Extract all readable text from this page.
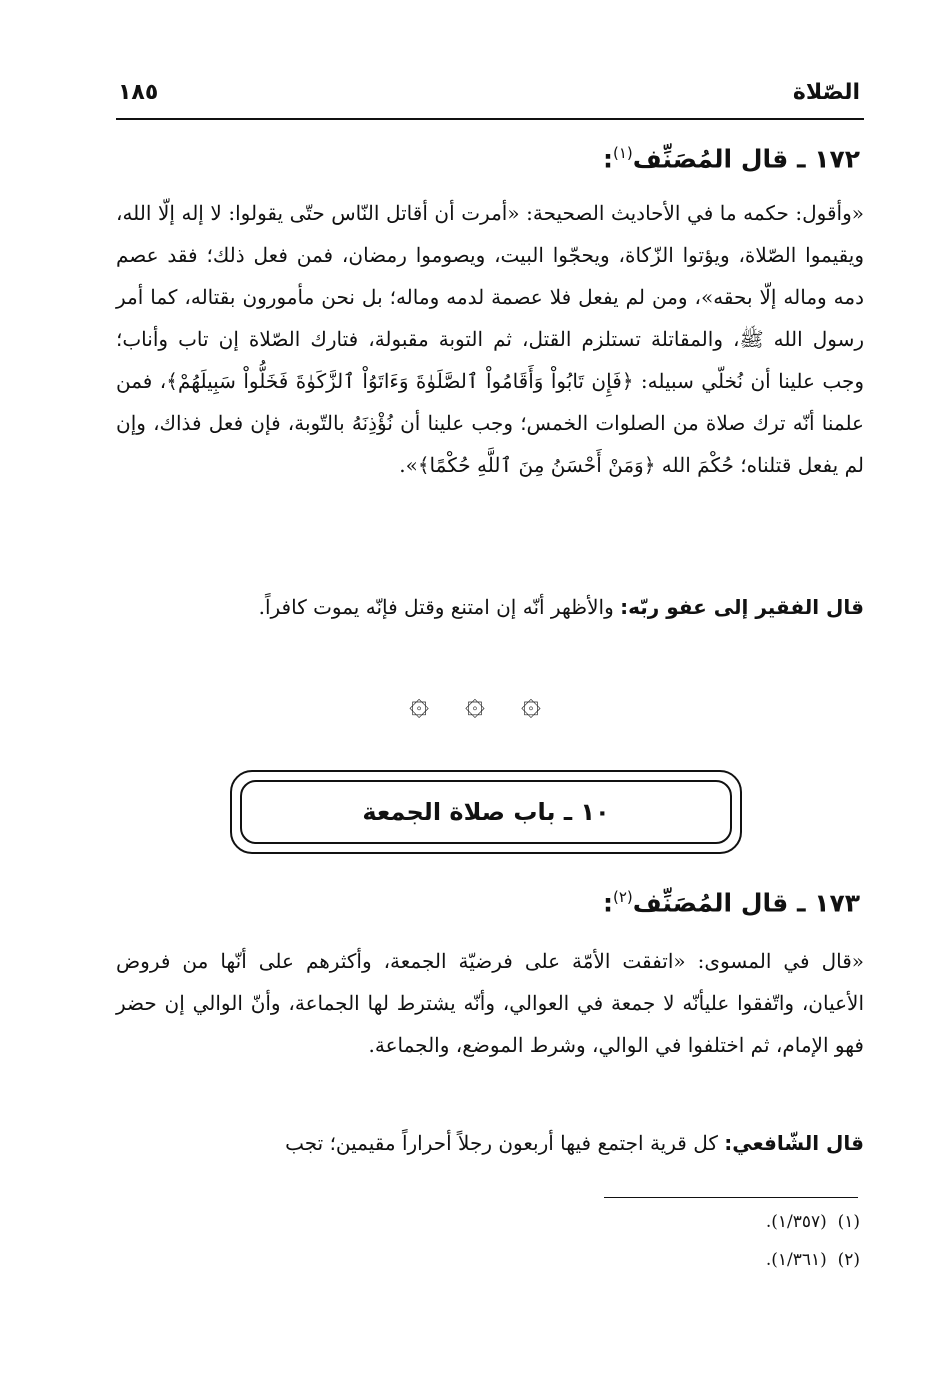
الصّلاة
١٨٥
١٧٢ ـ قال المُصَنِّف$^{(١)}$:

«وأقول: حكمه ما في الأحاديث الصحيحة: «أمرت أن أقاتل النّاس حتّى يقولوا: لا إله إلّا الله، ويقيموا الصّلاة، ويؤتوا الزّكاة، ويحجّوا البيت، ويصوموا رمضان، فمن فعل ذلك؛ فقد عصم دمه وماله إلّا بحقه»، ومن لم يفعل فلا عصمة لدمه وماله؛ بل نحن مأمورون بقتاله، كما أمر رسول الله ﷺ، والمقاتلة تستلزم القتل، ثم التوبة مقبولة، فتارك الصّلاة إن تاب وأناب؛ وجب علينا أن نُخلّي سبيله: ﴿فَإِن تَابُواْ وَأَقَامُواْ ٱلصَّلَوٰةَ وَءَاتَوُاْ ٱلزَّكَوٰةَ فَخَلُّواْ سَبِيلَهُمْ﴾، فمن علمنا أنّه ترك صلاة من الصلوات الخمس؛ وجب علينا أن نُؤْذِنَهُ بالتّوبة، فإن فعل فذاك، وإن لم يفعل قتلناه؛ حُكْمَ الله ﴿وَمَنْ أَحْسَنُ مِنَ ٱللَّهِ حُكْمًا﴾».

قال الفقير إلى عفو ربّه: والأظهر أنّه إن امتنع وقتل فإنّه يموت كافراً.

۞ ۞ ۞
١٠ ـ باب صلاة الجمعة
١٧٣ ـ قال المُصَنِّف$^{(٢)}$:

«قال في المسوى: «اتفقت الأمّة على فرضيّة الجمعة، وأكثرهم على أنّها من فروض الأعيان، واتّفقوا عليأنّه لا جمعة في العوالي، وأنّه يشترط لها الجماعة، وأنّ الوالي إن حضر فهو الإمام، ثم اختلفوا في الوالي، وشرط الموضع، والجماعة.

قال الشّافعي: كل قرية اجتمع فيها أربعون رجلاً أحراراً مقيمين؛ تجب

(١)  (١/٣٥٧).
(٢)  (١/٣٦١).
